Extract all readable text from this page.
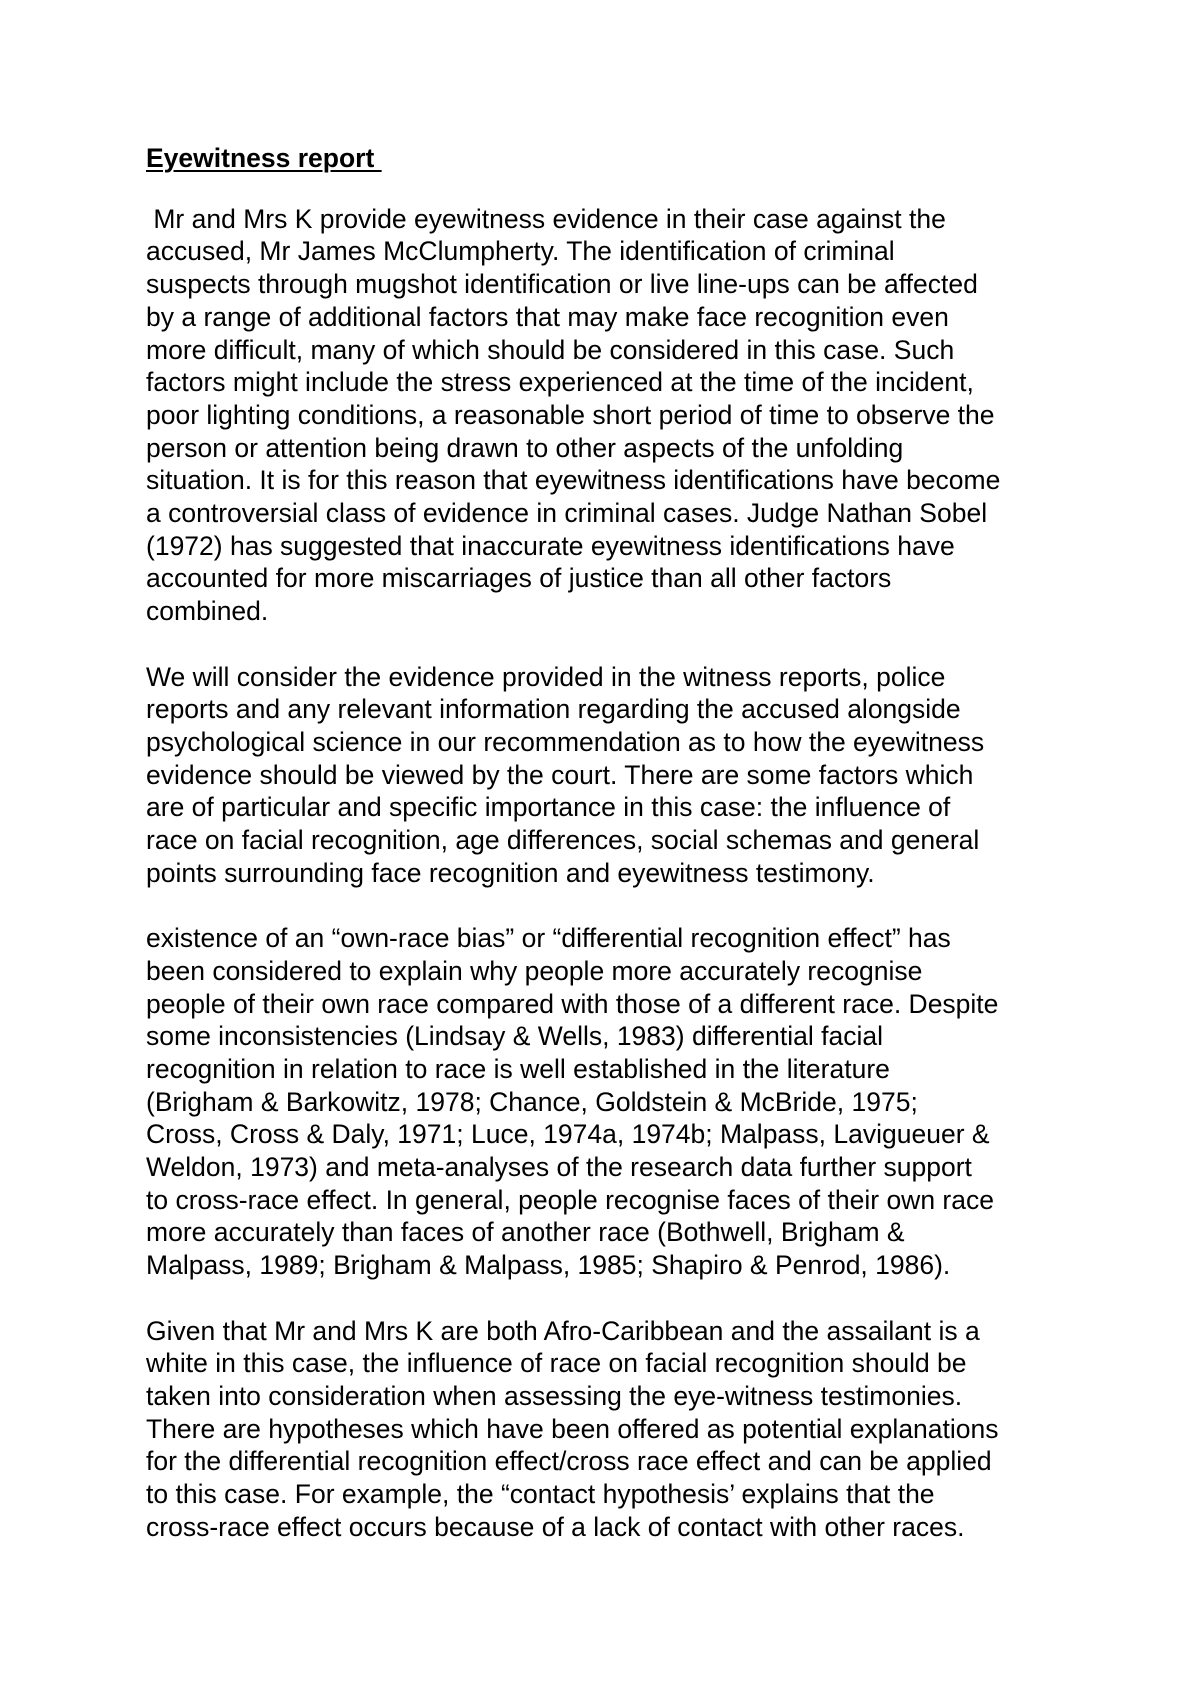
Eyewitness report
Mr and Mrs K provide eyewitness evidence in their case against the
accused, Mr James McClumpherty. The identification of criminal
suspects through mugshot identification or live line-ups can be affected
by a range of additional factors that may make face recognition even
more difficult, many of which should be considered in this case. Such
factors might include the stress experienced at the time of the incident,
poor lighting conditions, a reasonable short period of time to observe the
person or attention being drawn to other aspects of the unfolding
situation. It is for this reason that eyewitness identifications have become
a controversial class of evidence in criminal cases. Judge Nathan Sobel
(1972) has suggested that inaccurate eyewitness identifications have
accounted for more miscarriages of justice than all other factors
combined.
We will consider the evidence provided in the witness reports, police
reports and any relevant information regarding the accused alongside
psychological science in our recommendation as to how the eyewitness
evidence should be viewed by the court. There are some factors which
are of particular and specific importance in this case: the influence of
race on facial recognition, age differences, social schemas and general
points surrounding face recognition and eyewitness testimony.
existence of an “own-race bias” or “differential recognition effect” has
been considered to explain why people more accurately recognise
people of their own race compared with those of a different race. Despite
some inconsistencies (Lindsay & Wells, 1983) differential facial
recognition in relation to race is well established in the literature
(Brigham & Barkowitz, 1978; Chance, Goldstein & McBride, 1975;
Cross, Cross & Daly, 1971; Luce, 1974a, 1974b; Malpass, Lavigueuer &
Weldon, 1973) and meta-analyses of the research data further support
to cross-race effect. In general, people recognise faces of their own race
more accurately than faces of another race (Bothwell, Brigham &
Malpass, 1989; Brigham & Malpass, 1985; Shapiro & Penrod, 1986).
Given that Mr and Mrs K are both Afro-Caribbean and the assailant is a
white in this case, the influence of race on facial recognition should be
taken into consideration when assessing the eye-witness testimonies.
There are hypotheses which have been offered as potential explanations
for the differential recognition effect/cross race effect and can be applied
to this case. For example, the “contact hypothesis’ explains that the
cross-race effect occurs because of a lack of contact with other races.
